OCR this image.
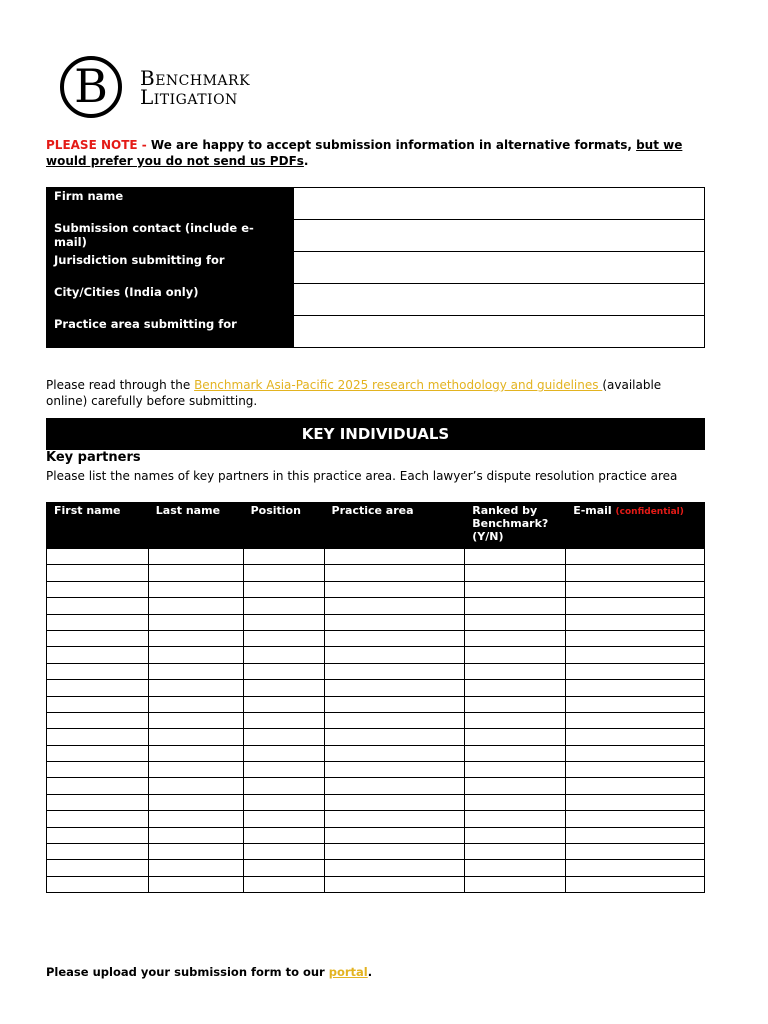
B Benchmark
Litigation
PLEASE NOTE - We are happy to accept submission information in alternative formats, but we would prefer you do not send us PDFs.
Firm name	
Submission contact (include e-mail)	
Jurisdiction submitting for	
City/Cities (India only)	
Practice area submitting for	
Please read through the Benchmark Asia-Pacific 2025 research methodology and guidelines (available online) carefully before submitting.
KEY INDIVIDUALS
Key partners
Please list the names of key partners in this practice area. Each lawyer’s dispute resolution practice area
First name	Last name	Position	Practice area	Ranked by Benchmark? (Y/N)	E-mail (confidential)

Please upload your submission form to our portal.
